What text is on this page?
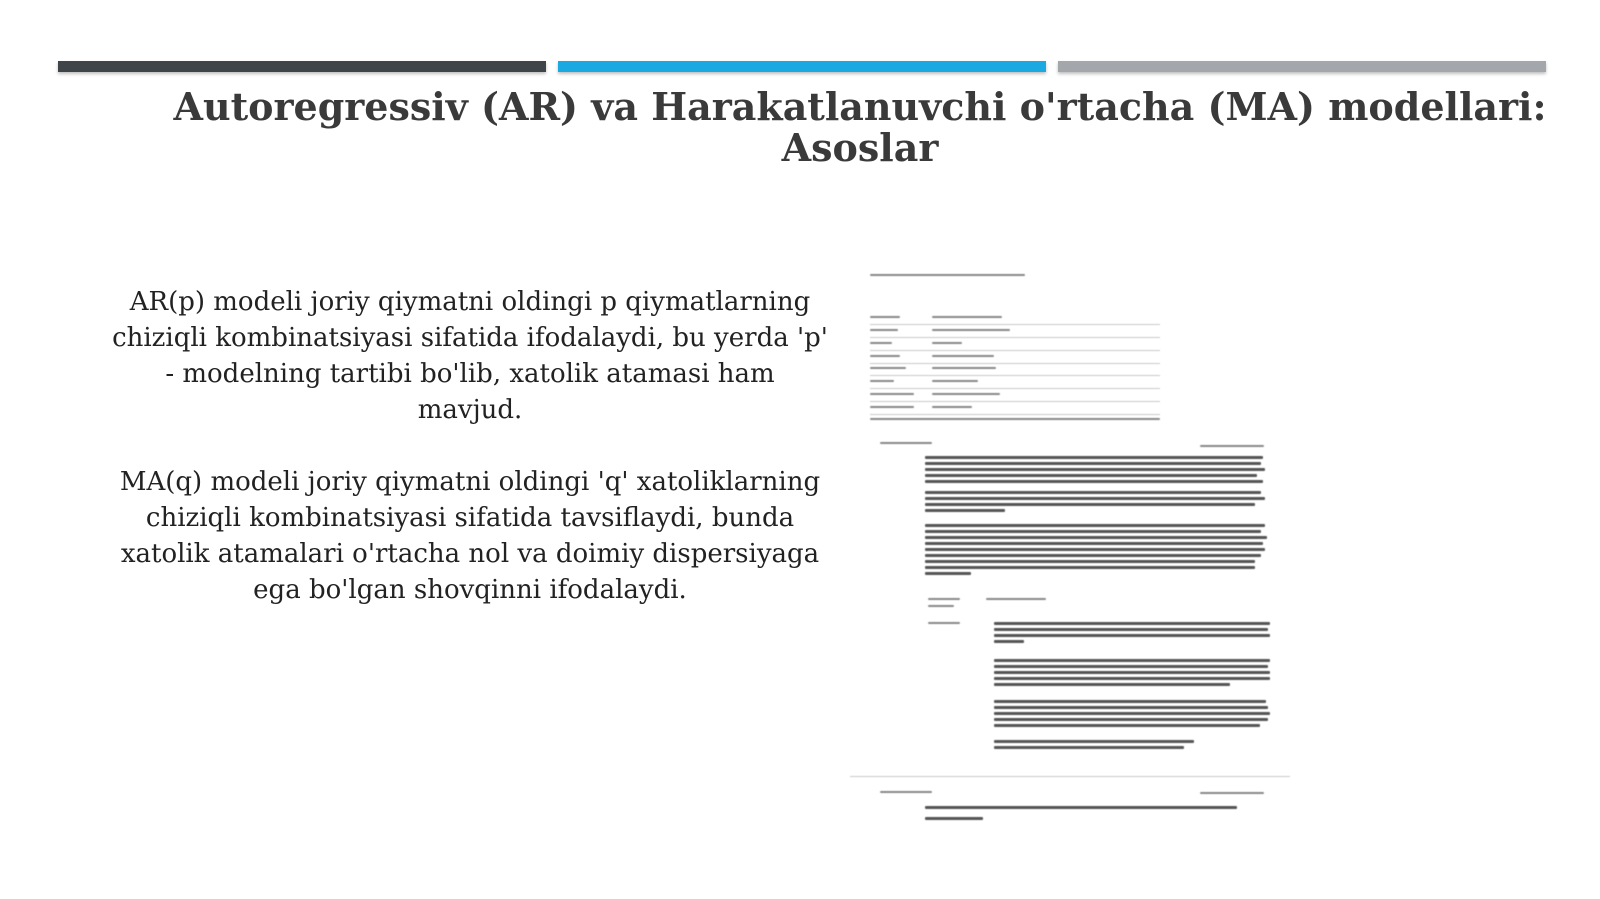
Autoregressiv (AR) va Harakatlanuvchi o'rtacha (MA) modellari: Asoslar

AR(p) modeli joriy qiymatni oldingi p qiymatlarning chiziqli kombinatsiyasi sifatida ifodalaydi, bu yerda 'p' - modelning tartibi bo'lib, xatolik atamasi ham mavjud.

MA(q) modeli joriy qiymatni oldingi 'q' xatoliklarning chiziqli kombinatsiyasi sifatida tavsiflaydi, bunda xatolik atamalari o'rtacha nol va doimiy dispersiyaga ega bo'lgan shovqinni ifodalaydi.
